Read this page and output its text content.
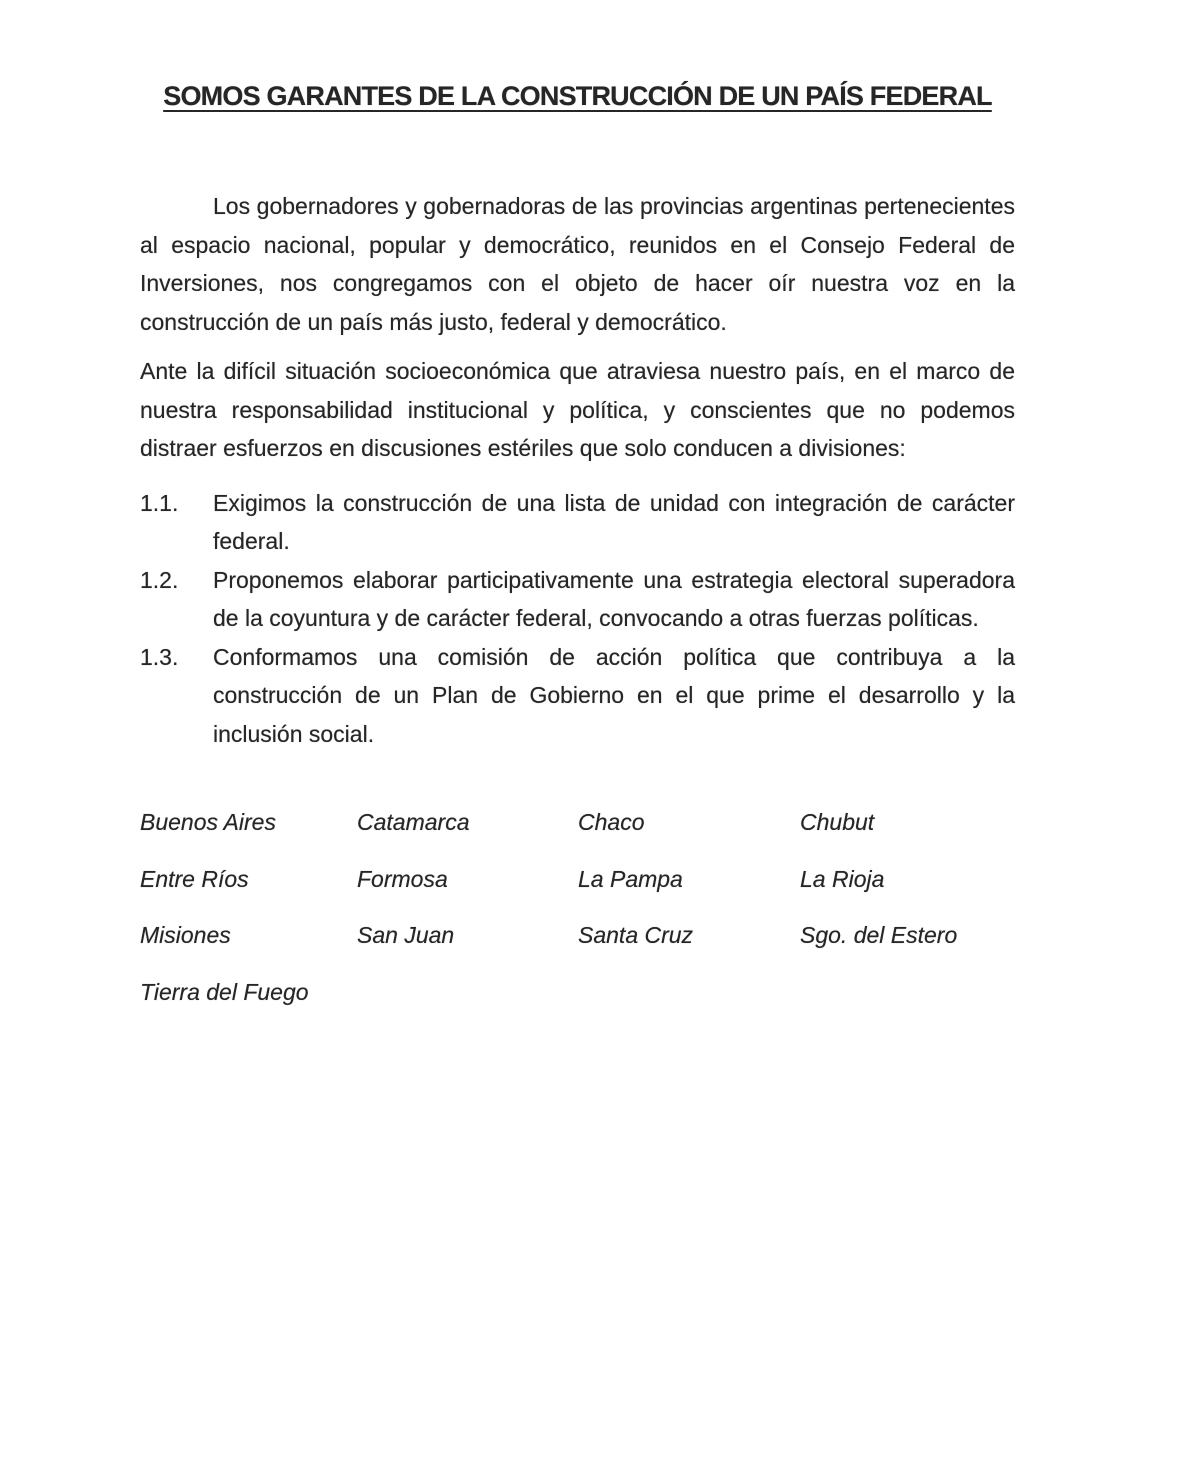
SOMOS GARANTES DE LA CONSTRUCCIÓN DE UN PAÍS FEDERAL

Los gobernadores y gobernadoras de las provincias argentinas pertenecientes al espacio nacional, popular y democrático, reunidos en el Consejo Federal de Inversiones, nos congregamos con el objeto de hacer oír nuestra voz en la construcción de un país más justo, federal y democrático.

Ante la difícil situación socioeconómica que atraviesa nuestro país, en el marco de nuestra responsabilidad institucional y política, y conscientes que no podemos distraer esfuerzos en discusiones estériles que solo conducen a divisiones:

1.1. Exigimos la construcción de una lista de unidad con integración de carácter federal.
1.2. Proponemos elaborar participativamente una estrategia electoral superadora de la coyuntura y de carácter federal, convocando a otras fuerzas políticas.
1.3. Conformamos una comisión de acción política que contribuya a la construcción de un Plan de Gobierno en el que prime el desarrollo y la inclusión social.
Buenos Aires	Catamarca	Chaco	Chubut
Entre Ríos	Formosa	La Pampa	La Rioja
Misiones	San Juan	Santa Cruz	Sgo. del Estero
Tierra del Fuego
